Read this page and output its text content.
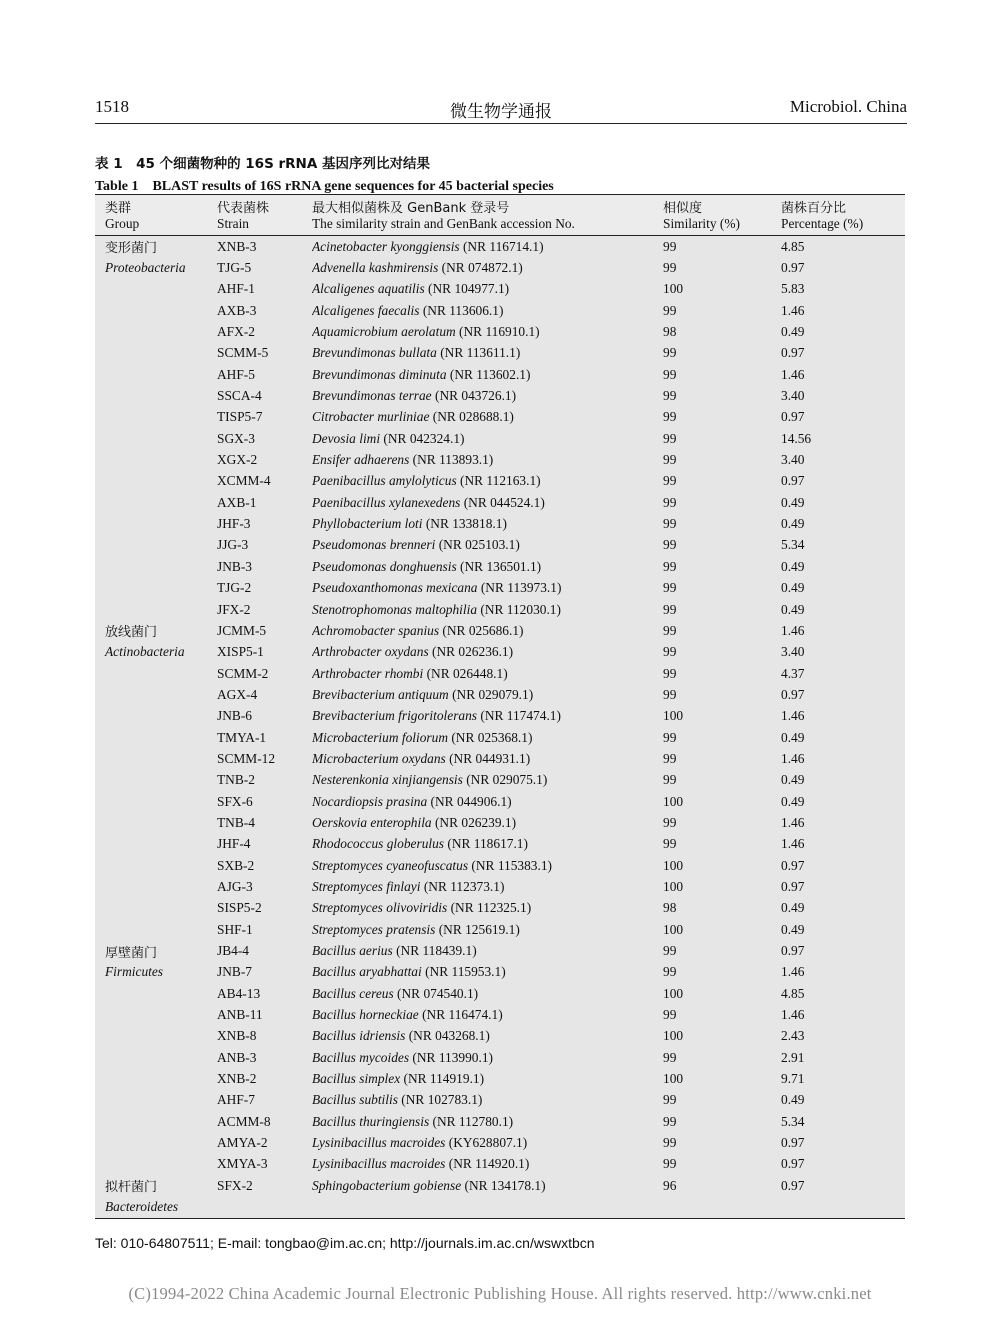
1518	微生物学通报	Microbiol. China
表 1　45 个细菌物种的 16S rRNA 基因序列比对结果
Table 1　BLAST results of 16S rRNA gene sequences for 45 bacterial species
类群	代表菌株	最大相似菌株及 GenBank 登录号	相似度	菌株百分比
Group	Strain	The similarity strain and GenBank accession No.	Similarity (%)	Percentage (%)
变形菌门	XNB-3	Acinetobacter kyonggiensis (NR 116714.1)	99	4.85
Proteobacteria	TJG-5	Advenella kashmirensis (NR 074872.1)	99	0.97
	AHF-1	Alcaligenes aquatilis (NR 104977.1)	100	5.83
	AXB-3	Alcaligenes faecalis (NR 113606.1)	99	1.46
	AFX-2	Aquamicrobium aerolatum (NR 116910.1)	98	0.49
	SCMM-5	Brevundimonas bullata (NR 113611.1)	99	0.97
	AHF-5	Brevundimonas diminuta (NR 113602.1)	99	1.46
	SSCA-4	Brevundimonas terrae (NR 043726.1)	99	3.40
	TISP5-7	Citrobacter murliniae (NR 028688.1)	99	0.97
	SGX-3	Devosia limi (NR 042324.1)	99	14.56
	XGX-2	Ensifer adhaerens (NR 113893.1)	99	3.40
	XCMM-4	Paenibacillus amylolyticus (NR 112163.1)	99	0.97
	AXB-1	Paenibacillus xylanexedens (NR 044524.1)	99	0.49
	JHF-3	Phyllobacterium loti (NR 133818.1)	99	0.49
	JJG-3	Pseudomonas brenneri (NR 025103.1)	99	5.34
	JNB-3	Pseudomonas donghuensis (NR 136501.1)	99	0.49
	TJG-2	Pseudoxanthomonas mexicana (NR 113973.1)	99	0.49
	JFX-2	Stenotrophomonas maltophilia (NR 112030.1)	99	0.49
放线菌门	JCMM-5	Achromobacter spanius (NR 025686.1)	99	1.46
Actinobacteria	XISP5-1	Arthrobacter oxydans (NR 026236.1)	99	3.40
	SCMM-2	Arthrobacter rhombi (NR 026448.1)	99	4.37
	AGX-4	Brevibacterium antiquum (NR 029079.1)	99	0.97
	JNB-6	Brevibacterium frigoritolerans (NR 117474.1)	100	1.46
	TMYA-1	Microbacterium foliorum (NR 025368.1)	99	0.49
	SCMM-12	Microbacterium oxydans (NR 044931.1)	99	1.46
	TNB-2	Nesterenkonia xinjiangensis (NR 029075.1)	99	0.49
	SFX-6	Nocardiopsis prasina (NR 044906.1)	100	0.49
	TNB-4	Oerskovia enterophila (NR 026239.1)	99	1.46
	JHF-4	Rhodococcus globerulus (NR 118617.1)	99	1.46
	SXB-2	Streptomyces cyaneofuscatus (NR 115383.1)	100	0.97
	AJG-3	Streptomyces finlayi (NR 112373.1)	100	0.97
	SISP5-2	Streptomyces olivoviridis (NR 112325.1)	98	0.49
	SHF-1	Streptomyces pratensis (NR 125619.1)	100	0.49
厚壁菌门	JB4-4	Bacillus aerius (NR 118439.1)	99	0.97
Firmicutes	JNB-7	Bacillus aryabhattai (NR 115953.1)	99	1.46
	AB4-13	Bacillus cereus (NR 074540.1)	100	4.85
	ANB-11	Bacillus horneckiae (NR 116474.1)	99	1.46
	XNB-8	Bacillus idriensis (NR 043268.1)	100	2.43
	ANB-3	Bacillus mycoides (NR 113990.1)	99	2.91
	XNB-2	Bacillus simplex (NR 114919.1)	100	9.71
	AHF-7	Bacillus subtilis (NR 102783.1)	99	0.49
	ACMM-8	Bacillus thuringiensis (NR 112780.1)	99	5.34
	AMYA-2	Lysinibacillus macroides (KY628807.1)	99	0.97
	XMYA-3	Lysinibacillus macroides (NR 114920.1)	99	0.97
拟杆菌门	SFX-2	Sphingobacterium gobiense (NR 134178.1)	96	0.97
Bacteroidetes				
Tel: 010-64807511; E-mail: tongbao@im.ac.cn; http://journals.im.ac.cn/wswxtbcn
(C)1994-2022 China Academic Journal Electronic Publishing House. All rights reserved. http://www.cnki.net
